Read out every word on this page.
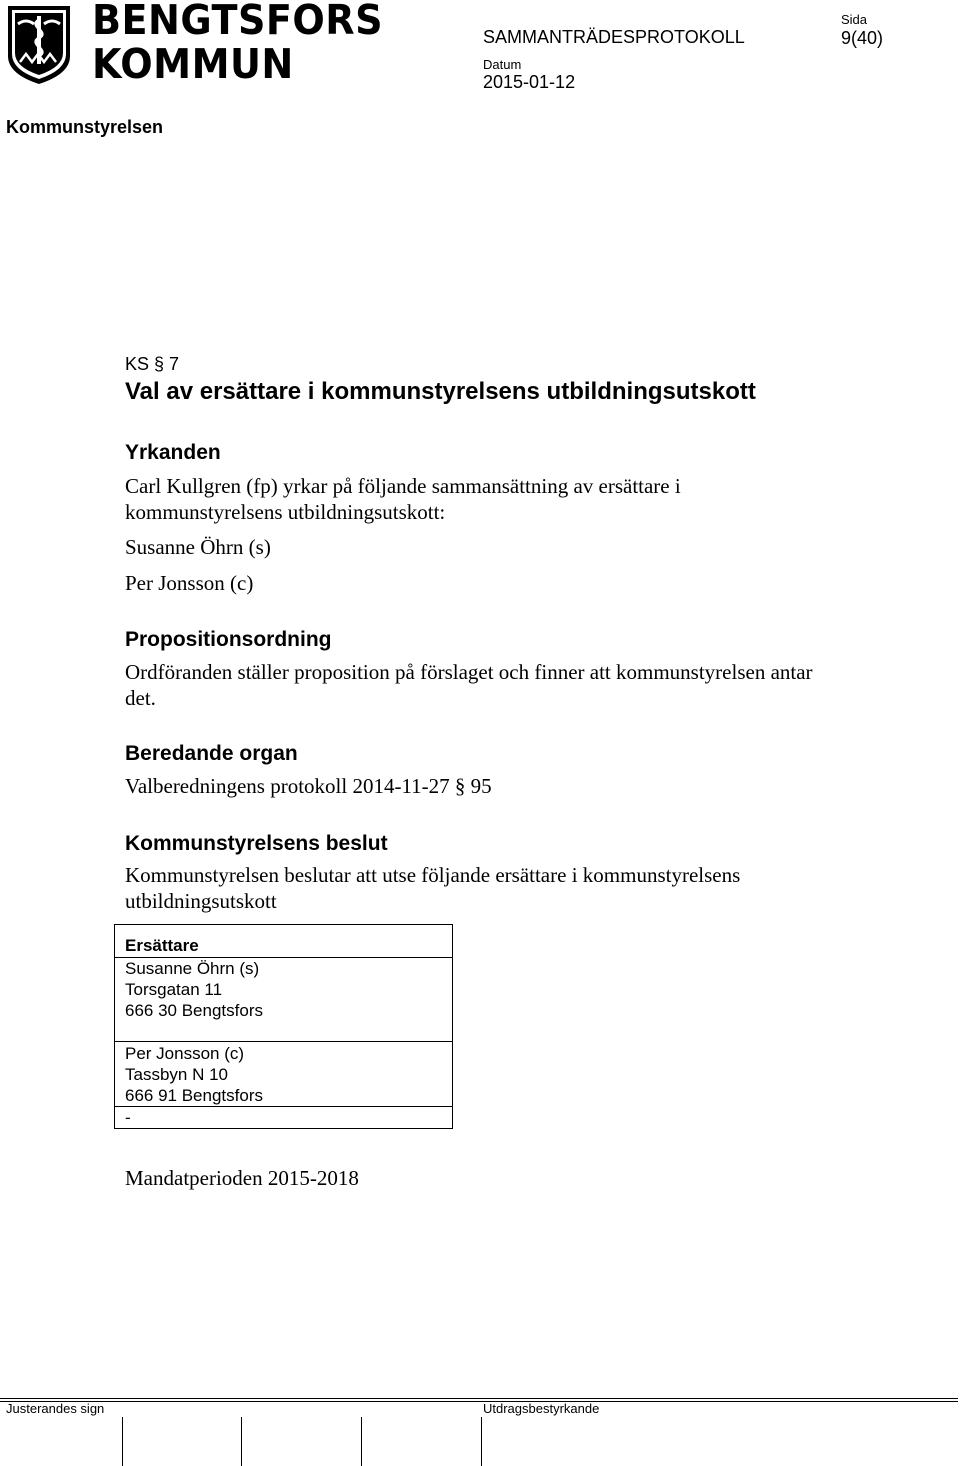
BENGTSFORS
KOMMUN
SAMMANTRÄDESPROTOKOLL
Datum
2015-01-12
Sida
9(40)
Kommunstyrelsen
KS § 7
Val av ersättare i kommunstyrelsens utbildningsutskott
Yrkanden
Carl Kullgren (fp) yrkar på följande sammansättning av ersättare i kommunstyrelsens utbildningsutskott:
Susanne Öhrn (s)
Per Jonsson (c)
Propositionsordning
Ordföranden ställer proposition på förslaget och finner att kommunstyrelsen antar det.
Beredande organ
Valberedningens protokoll 2014-11-27 § 95
Kommunstyrelsens beslut
Kommunstyrelsen beslutar att utse följande ersättare i kommunstyrelsens utbildningsutskott
Ersättare
Susanne Öhrn (s)
Torsgatan 11
666 30 Bengtsfors
Per Jonsson (c)
Tassbyn N 10
666 91 Bengtsfors
-
Mandatperioden 2015-2018
Justerandes sign	Utdragsbestyrkande
